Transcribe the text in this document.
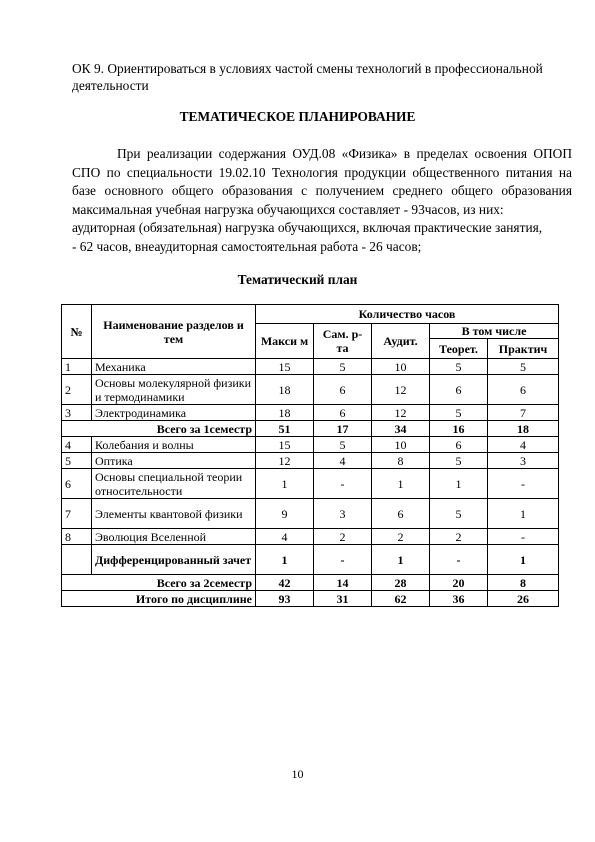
ОК 9. Ориентироваться в условиях частой смены технологий в профессиональной деятельности
ТЕМАТИЧЕСКОЕ ПЛАНИРОВАНИЕ

При реализации содержания ОУД.08 «Физика» в пределах освоения ОПОП

СПО по специальности 19.02.10 Технология продукции общественного питания на

базе основного общего образования с получением среднего общего образования

максимальная учебная нагрузка обучающихся составляет - 93часов, из них:

аудиторная (обязательная) нагрузка обучающихся, включая практические занятия,

- 62 часов, внеаудиторная самостоятельная работа - 26 часов;

Тематический план
№	Наименование разделов и тем	Количество часов				
		Макси м	Сам. р-та	Аудит.	В том числе	
					Теорет.	Практич
1	Механика	15	5	10	5	5
2	Основы молекулярной физики и термодинамики	18	6	12	6	6
3	Электродинамика	18	6	12	5	7
Всего за 1семестр		51	17	34	16	18
4	Колебания и волны	15	5	10	6	4
5	Оптика	12	4	8	5	3
6	Основы специальной теории относительности	1	-	1	1	-
7	Элементы квантовой физики	9	3	6	5	1
8	Эволюция Вселенной	4	2	2	2	-
	Дифференцированный зачет	1	-	1	-	1
Всего за 2семестр		42	14	28	20	8
Итого по дисциплине		93	31	62	36	26
10
